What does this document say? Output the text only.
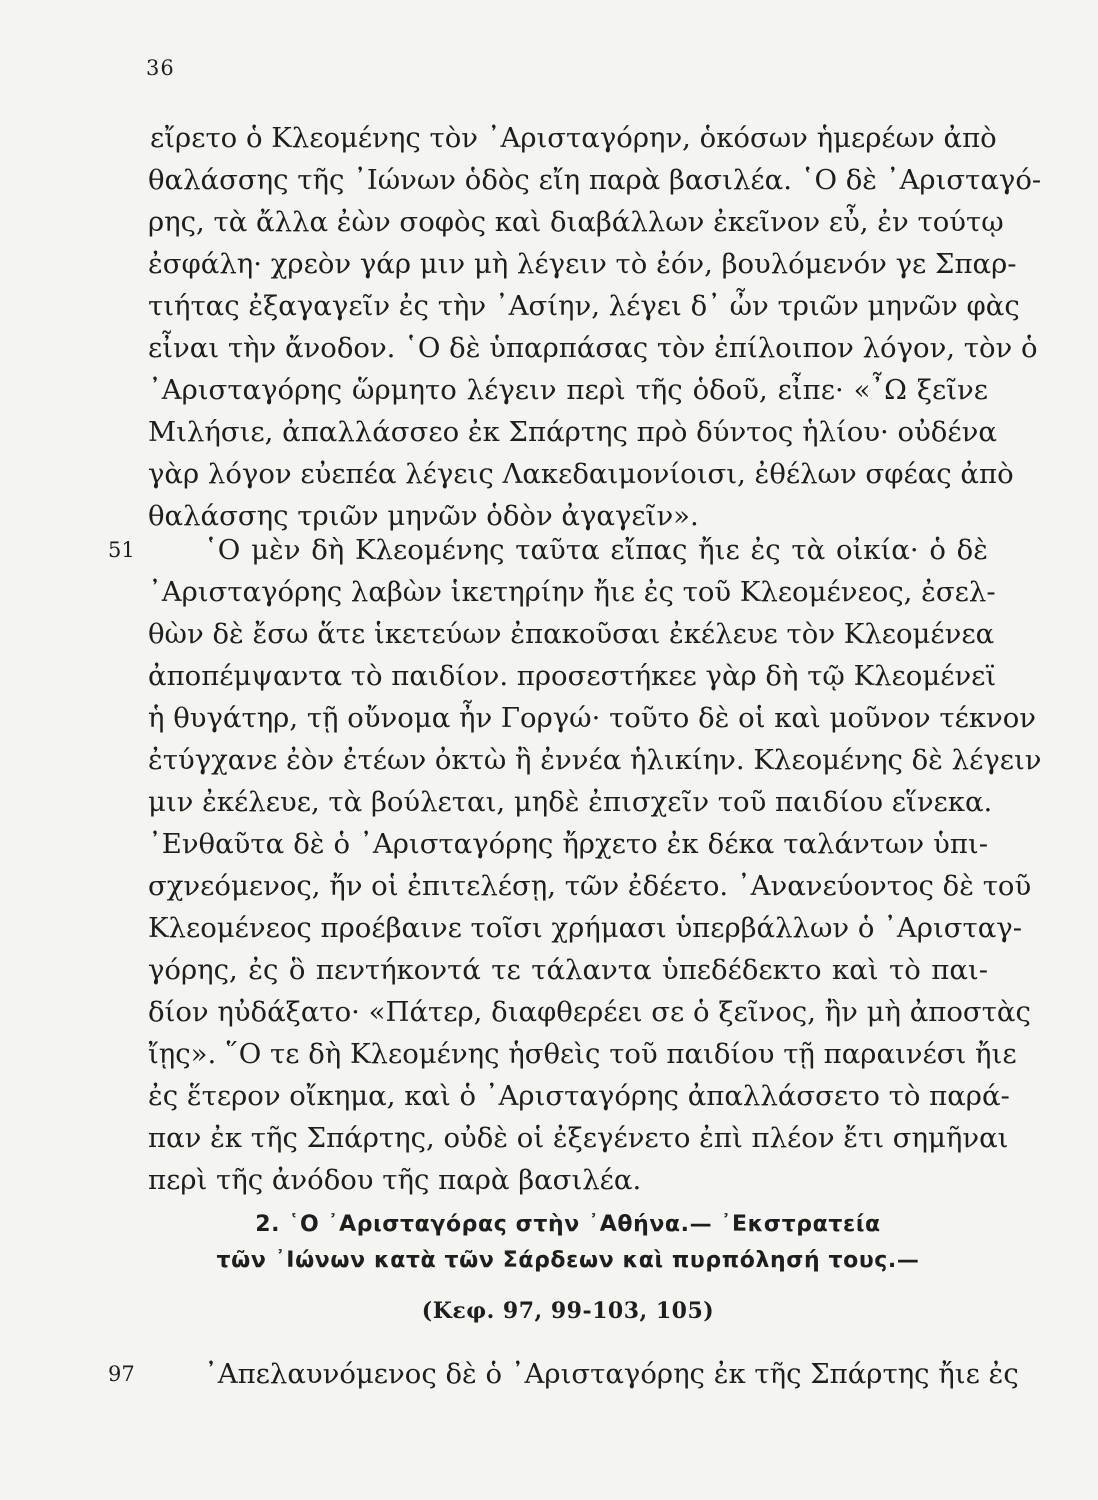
36
εἴρετο ὁ Κλεομένης τὸν ᾿Αρισταγόρην, ὁκόσων ἡμερέων ἀπὸ
θαλάσσης τῆς ᾿Ιώνων ὁδὸς εἴη παρὰ βασιλέα. ῾Ο δὲ ᾿Αρισταγό-
ρης, τὰ ἄλλα ἐὼν σοφὸς καὶ διαβάλλων ἐκεῖνον εὖ, ἐν τούτῳ
ἐσφάλη· χρεὸν γάρ μιν μὴ λέγειν τὸ ἐόν, βουλόμενόν γε Σπαρ-
τιήτας ἐξαγαγεῖν ἐς τὴν ᾿Ασίην, λέγει δ᾿ ὦν τριῶν μηνῶν φὰς
εἶναι τὴν ἄνοδον. ῾Ο δὲ ὑπαρπάσας τὸν ἐπίλοιπον λόγον, τὸν ὁ
᾿Αρισταγόρης ὥρμητο λέγειν περὶ τῆς ὁδοῦ, εἶπε· «῏Ω ξεῖνε
Μιλήσιε, ἀπαλλάσσεο ἐκ Σπάρτης πρὸ δύντος ἡλίου· οὐδένα
γὰρ λόγον εὐεπέα λέγεις Λακεδαιμονίοισι, ἐθέλων σφέας ἀπὸ
θαλάσσης τριῶν μηνῶν ὁδὸν ἀγαγεῖν».
51	῾Ο μὲν δὴ Κλεομένης ταῦτα εἴπας ἤιε ἐς τὰ οἰκία· ὁ δὲ
᾿Αρισταγόρης λαβὼν ἱκετηρίην ἤιε ἐς τοῦ Κλεομένεος, ἐσελ-
θὼν δὲ ἔσω ἅτε ἱκετεύων ἐπακοῦσαι ἐκέλευε τὸν Κλεομένεα
ἀποπέμψαντα τὸ παιδίον. προσεστήκεε γὰρ δὴ τῷ Κλεομένεϊ
ἡ θυγάτηρ, τῇ οὔνομα ἦν Γοργώ· τοῦτο δὲ οἱ καὶ μοῦνον τέκνον
ἐτύγχανε ἐὸν ἐτέων ὀκτὼ ἢ ἐννέα ἡλικίην. Κλεομένης δὲ λέγειν
μιν ἐκέλευε, τὰ βούλεται, μηδὲ ἐπισχεῖν τοῦ παιδίου εἵνεκα.
᾿Ενθαῦτα δὲ ὁ ᾿Αρισταγόρης ἤρχετο ἐκ δέκα ταλάντων ὑπι-
σχνεόμενος, ἤν οἱ ἐπιτελέσῃ, τῶν ἐδέετο. ᾿Ανανεύοντος δὲ τοῦ
Κλεομένεος προέβαινε τοῖσι χρήμασι ὑπερβάλλων ὁ ᾿Αρισταγ-
γόρης, ἐς ὃ πεντήκοντά τε τάλαντα ὑπεδέδεκτο καὶ τὸ παι-
δίον ηὐδάξατο· «Πάτερ, διαφθερέει σε ὁ ξεῖνος, ἢν μὴ ἀποστὰς
ἴῃς». ῞Ο τε δὴ Κλεομένης ἡσθεὶς τοῦ παιδίου τῇ παραινέσι ἤιε
ἐς ἕτερον οἴκημα, καὶ ὁ ᾿Αρισταγόρης ἀπαλλάσσετο τὸ παρά-
παν ἐκ τῆς Σπάρτης, οὐδὲ οἱ ἐξεγένετο ἐπὶ πλέον ἔτι σημῆναι
περὶ τῆς ἀνόδου τῆς παρὰ βασιλέα.
2. ῾Ο ᾿Αρισταγόρας στὴν ᾿Αθήνα.— ᾿Εκστρατεία
τῶν ᾿Ιώνων κατὰ τῶν Σάρδεων καὶ πυρπόλησή τους.—
(Κεφ. 97, 99-103, 105)
97	᾿Απελαυνόμενος δὲ ὁ ᾿Αρισταγόρης ἐκ τῆς Σπάρτης ἤιε ἐς
